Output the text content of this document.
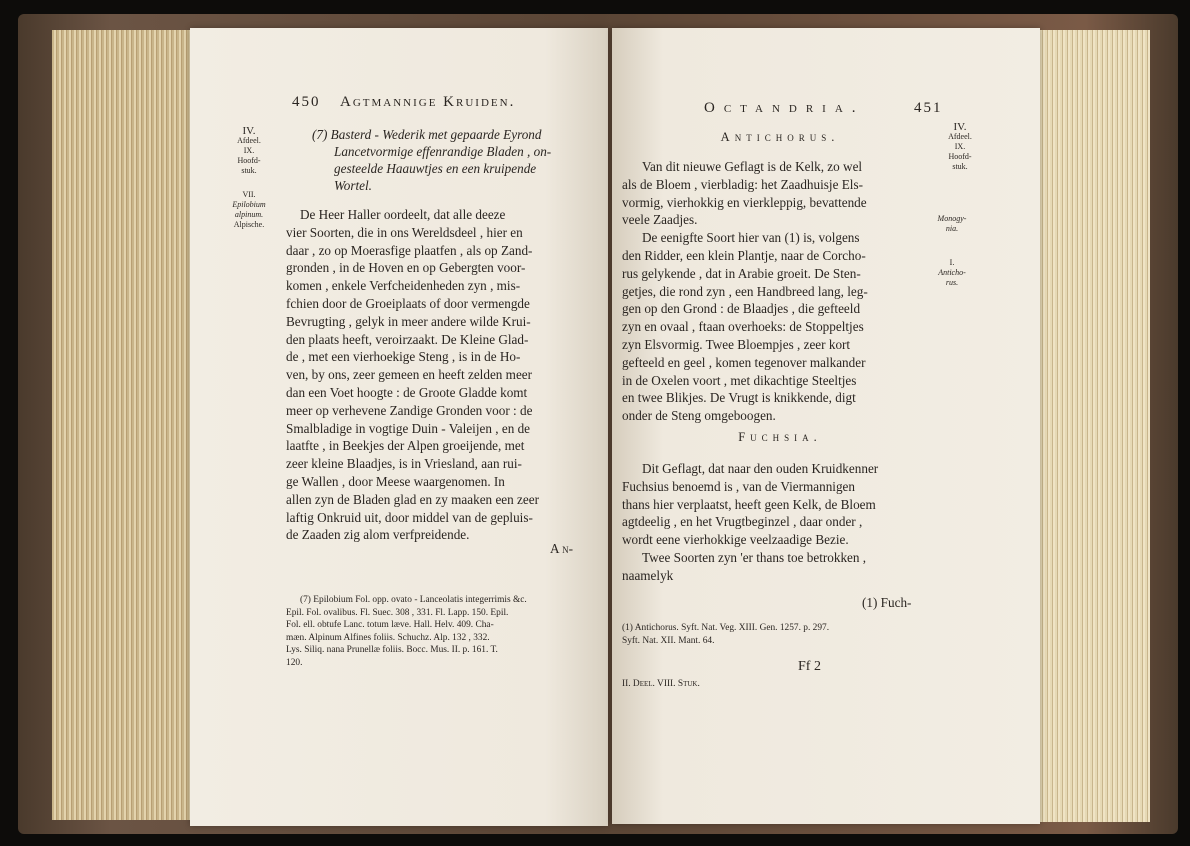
450 Agtmannige Kruiden.
IV.
Afdeel.
IX.
Hoofd-
stuk.
VII.
Epilobium
alpinum.
Alpische.
(7) Basterd - Wederik met gepaarde Eyrond
Lancetvormige effenrandige Bladen , on-
gesteelde Haauwtjes en een kruipende
Wortel.
De Heer Haller oordeelt, dat alle deeze
vier Soorten, die in ons Wereldsdeel , hier en
daar , zo op Moerasfige plaatfen , als op Zand-
gronden , in de Hoven en op Gebergten voor-
komen , enkele Verfcheidenheden zyn , mis-
fchien door de Groeiplaats of door vermengde
Bevrugting , gelyk in meer andere wilde Krui-
den plaats heeft, veroirzaakt. De Kleine Glad-
de , met een vierhoekige Steng , is in de Ho-
ven, by ons, zeer gemeen en heeft zelden meer
dan een Voet hoogte : de Groote Gladde komt
meer op verhevene Zandige Gronden voor : de
Smalbladige in vogtige Duin - Valeijen , en de
laatfte , in Beekjes der Alpen groeijende, met
zeer kleine Blaadjes, is in Vriesland, aan rui-
ge Wallen , door Meese waargenomen. In
allen zyn de Bladen glad en zy maaken een zeer
laftig Onkruid uit, door middel van de gepluis-
de Zaaden zig alom verfpreidende.
A n-
(7) Epilobium Fol. opp. ovato - Lanceolatis integerrimis &c.
Epil. Fol. ovalibus. Fl. Suec. 308 , 331. Fl. Lapp. 150. Epil.
Fol. ell. obtufe Lanc. totum læve. Hall. Helv. 409. Cha-
mæn. Alpinum Alfines foliis. Schuchz. Alp. 132 , 332.
Lys. Siliq. nana Prunellæ foliis. Bocc. Mus. II. p. 161. T.
120.
Octandria.	451
IV.
Afdeel.
IX.
Hoofd-
stuk.
Monogy-
nia.
I.
Anticho-
rus.
Antichorus.
Van dit nieuwe Geflagt is de Kelk, zo wel
als de Bloem , vierbladig: het Zaadhuisje Els-
vormig, vierhokkig en vierkleppig, bevattende
veele Zaadjes.
De eenigfte Soort hier van (1) is, volgens
den Ridder, een klein Plantje, naar de Corcho-
rus gelykende , dat in Arabie groeit. De Sten-
getjes, die rond zyn , een Handbreed lang, leg-
gen op den Grond : de Blaadjes , die gefteeld
zyn en ovaal , ftaan overhoeks: de Stoppeltjes
zyn Elsvormig. Twee Bloempjes , zeer kort
gefteeld en geel , komen tegenover malkander
in de Oxelen voort , met dikachtige Steeltjes
en twee Blikjes. De Vrugt is knikkende, digt
onder de Steng omgeboogen.
Fuchsia.
Dit Geflagt, dat naar den ouden Kruidkenner
Fuchsius benoemd is , van de Viermannigen
thans hier verplaatst, heeft geen Kelk, de Bloem
agtdeelig , en het Vrugtbeginzel , daar onder ,
wordt eene vierhokkige veelzaadige Bezie.
Twee Soorten zyn 'er thans toe betrokken ,
naamelyk
(1) Fuch-
(1) Antichorus. Syft. Nat. Veg. XIII. Gen. 1257. p. 297.
Syft. Nat. XII. Mant. 64.
Ff 2
II. Deel. VIII. Stuk.
